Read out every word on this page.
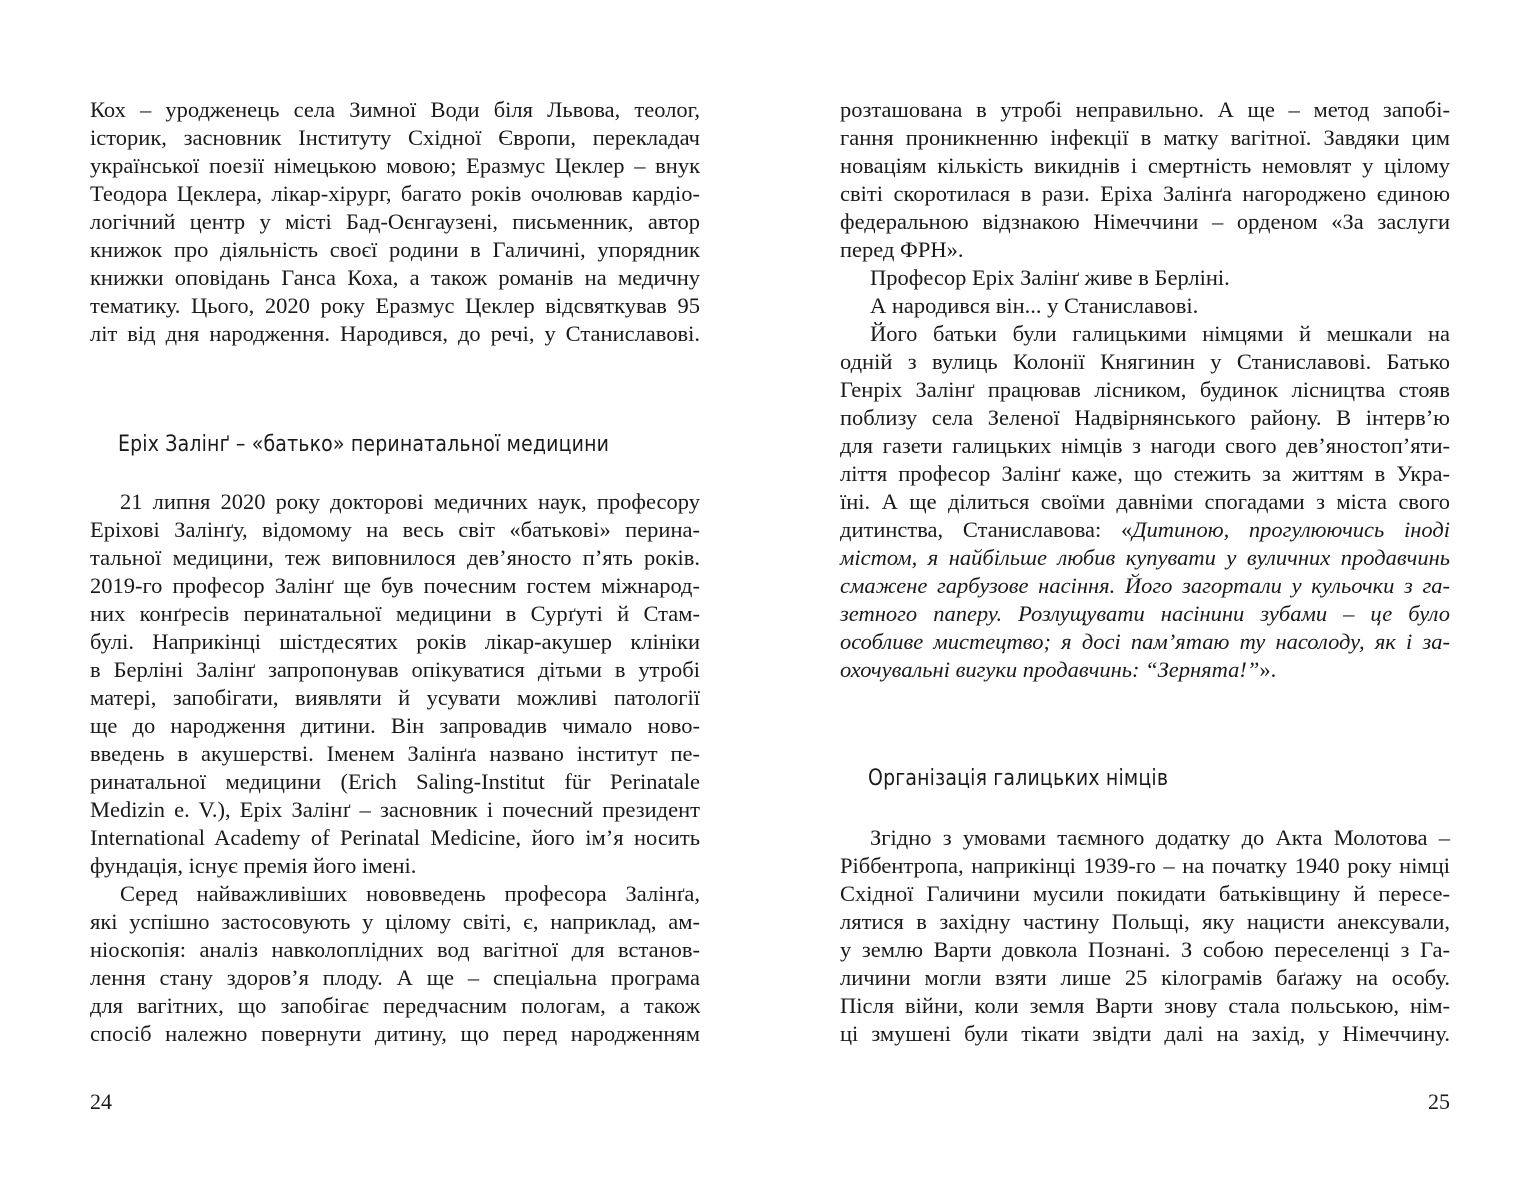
Кох – уродженець села Зимної Води біля Львова, теолог,
історик, засновник Інституту Східної Європи, перекладач
української поезії німецькою мовою; Еразмус Цеклер – внук
Теодора Цеклера, лікар-хірург, багато років очолював кардіо-
логічний центр у місті Бад-Оєнгаузені, письменник, автор
книжок про діяльність своєї родини в Галичині, упорядник
книжки оповідань Ганса Коха, а також романів на медичну
тематику. Цього, 2020 року Еразмус Цеклер відсвяткував 95
літ від дня народження. Народився, до речі, у Станиславові.
Еріх Залінґ – «батько» перинатальної медицини
21 липня 2020 року докторові медичних наук, професору
Еріхові Залінґу, відомому на весь світ «батькові» перина-
тальної медицини, теж виповнилося дев’яносто п’ять років.
2019-го професор Залінґ ще був почесним гостем міжнарод-
них конґресів перинатальної медицини в Сурґуті й Стам-
булі. Наприкінці шістдесятих років лікар-акушер клініки
в Берліні Залінґ запропонував опікуватися дітьми в утробі
матері, запобігати, виявляти й усувати можливі патології
ще до народження дитини. Він запровадив чимало ново-
введень в акушерстві. Іменем Залінґа названо інститут пе-
ринатальної медицини (Erich Saling-Institut für Perinatale
Medizin e. V.), Еріх Залінґ – засновник і почесний президент
International Academy of Perinatal Medicine, його ім’я носить
фундація, існує премія його імені.
Серед найважливіших нововведень професора Залінґа,
які успішно застосовують у цілому світі, є, наприклад, ам-
ніоскопія: аналіз навколоплідних вод вагітної для встанов-
лення стану здоров’я плоду. А ще – спеціальна програма
для вагітних, що запобігає передчасним пологам, а також
спосіб належно повернути дитину, що перед народженням
24
розташована в утробі неправильно. А ще – метод запобі-
гання проникненню інфекції в матку вагітної. Завдяки цим
новаціям кількість викиднів і смертність немовлят у цілому
світі скоротилася в рази. Еріха Залінґа нагороджено єдиною
федеральною відзнакою Німеччини – орденом «За заслуги
перед ФРН».
Професор Еріх Залінґ живе в Берліні.
А народився він... у Станиславові.
Його батьки були галицькими німцями й мешкали на
одній з вулиць Колонії Княгинин у Станиславові. Батько
Генріх Залінґ працював лісником, будинок лісництва стояв
поблизу села Зеленої Надвірнянського району. В інтерв’ю
для газети галицьких німців з нагоди свого дев’яностоп’яти-
ліття професор Залінґ каже, що стежить за життям в Укра-
їні. А ще ділиться своїми давніми спогадами з міста свого
дитинства, Станиславова: «Дитиною, прогулюючись іноді
містом, я найбільше любив купувати у вуличних продавчинь
смажене гарбузове насіння. Його загортали у кульочки з га-
зетного паперу. Розлущувати насінини зубами – це було
особливе мистецтво; я досі пам’ятаю ту насолоду, як і за-
охочувальні вигуки продавчинь: “Зернята!”».
Організація галицьких німців
Згідно з умовами таємного додатку до Акта Молотова –
Ріббентропа, наприкінці 1939-го – на початку 1940 року німці
Східної Галичини мусили покидати батьківщину й пересе-
лятися в західну частину Польщі, яку нацисти анексували,
у землю Варти довкола Познані. З собою переселенці з Га-
личини могли взяти лише 25 кілограмів баґажу на особу.
Після війни, коли земля Варти знову стала польською, нім-
ці змушені були тікати звідти далі на захід, у Німеччину.
25
